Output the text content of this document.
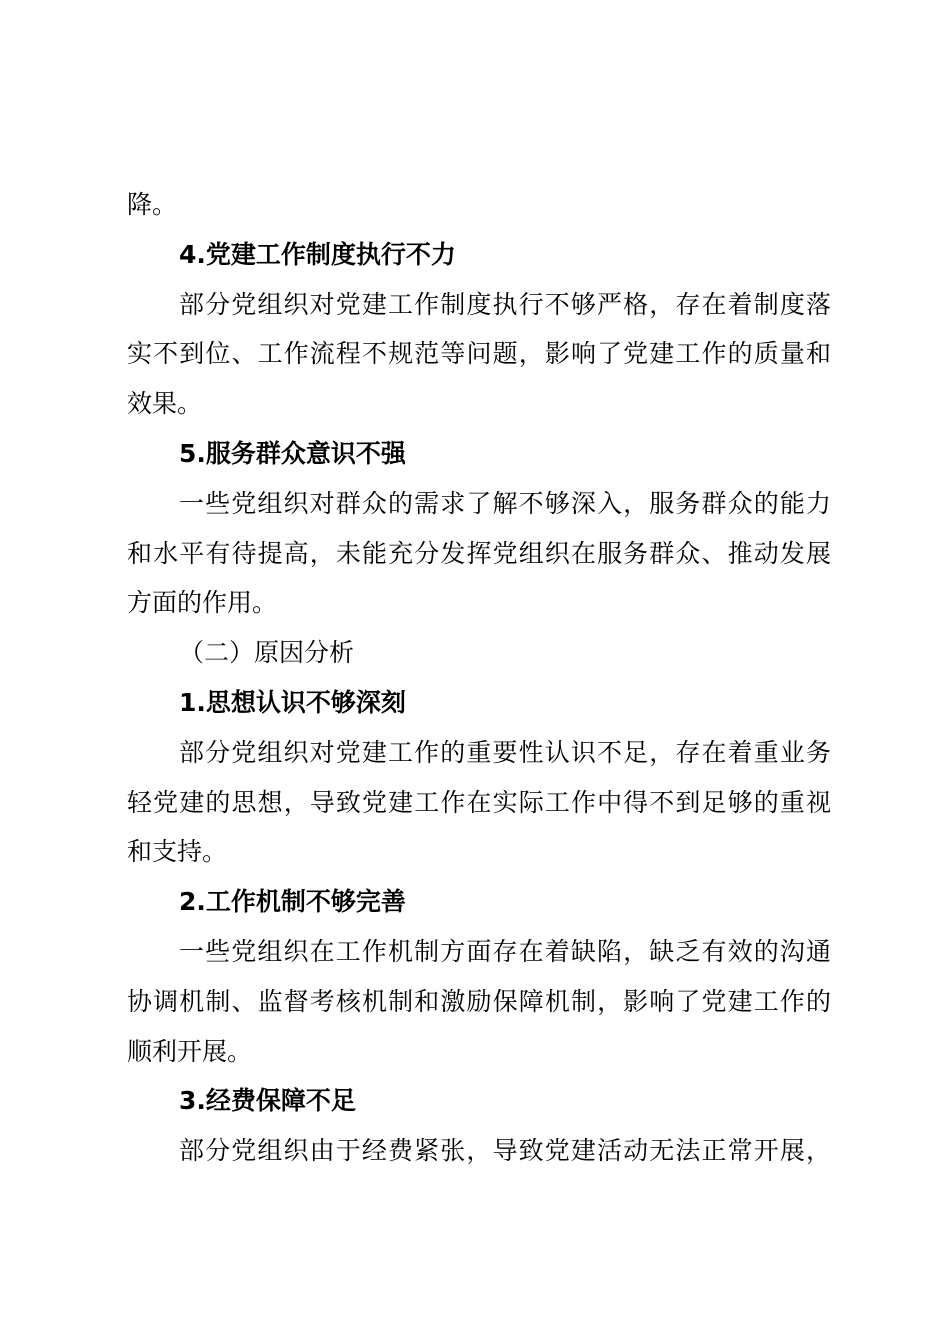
降。
4.党建工作制度执行不力
部分党组织对党建工作制度执行不够严格，存在着制度落
实不到位、工作流程不规范等问题，影响了党建工作的质量和
效果。
5.服务群众意识不强
一些党组织对群众的需求了解不够深入，服务群众的能力
和水平有待提高，未能充分发挥党组织在服务群众、推动发展
方面的作用。
（二）原因分析
1.思想认识不够深刻
部分党组织对党建工作的重要性认识不足，存在着重业务
轻党建的思想，导致党建工作在实际工作中得不到足够的重视
和支持。
2.工作机制不够完善
一些党组织在工作机制方面存在着缺陷，缺乏有效的沟通
协调机制、监督考核机制和激励保障机制，影响了党建工作的
顺利开展。
3.经费保障不足
部分党组织由于经费紧张，导致党建活动无法正常开展，
